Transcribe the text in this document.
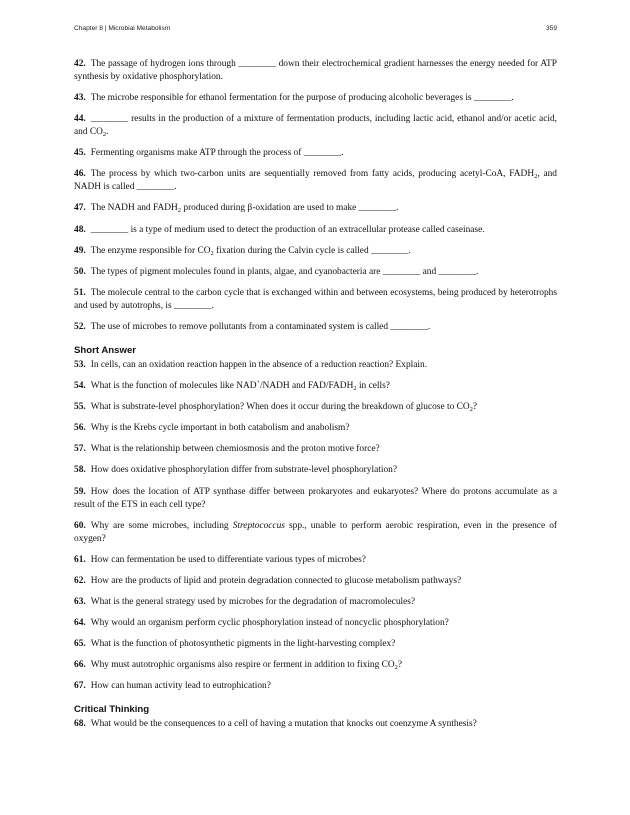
Chapter 8 | Microbial Metabolism	359

42. The passage of hydrogen ions through ________ down their electrochemical gradient harnesses the energy needed for ATP synthesis by oxidative phosphorylation.

43. The microbe responsible for ethanol fermentation for the purpose of producing alcoholic beverages is ________.

44. ________ results in the production of a mixture of fermentation products, including lactic acid, ethanol and/or acetic acid, and $CO_2$.

45. Fermenting organisms make ATP through the process of ________.

46. The process by which two-carbon units are sequentially removed from fatty acids, producing acetyl-CoA, $FADH_2$, and NADH is called ________.

47. The NADH and $FADH_2$ produced during β-oxidation are used to make ________.

48. ________ is a type of medium used to detect the production of an extracellular protease called caseinase.

49. The enzyme responsible for $CO_2$ fixation during the Calvin cycle is called ________.

50. The types of pigment molecules found in plants, algae, and cyanobacteria are ________ and ________.

51. The molecule central to the carbon cycle that is exchanged within and between ecosystems, being produced by heterotrophs and used by autotrophs, is ________.

52. The use of microbes to remove pollutants from a contaminated system is called ________.

Short Answer

53. In cells, can an oxidation reaction happen in the absence of a reduction reaction? Explain.

54. What is the function of molecules like NAD+/NADH and FAD/$FADH_2$ in cells?

55. What is substrate-level phosphorylation? When does it occur during the breakdown of glucose to $CO_2$?

56. Why is the Krebs cycle important in both catabolism and anabolism?

57. What is the relationship between chemiosmosis and the proton motive force?

58. How does oxidative phosphorylation differ from substrate-level phosphorylation?

59. How does the location of ATP synthase differ between prokaryotes and eukaryotes? Where do protons accumulate as a result of the ETS in each cell type?

60. Why are some microbes, including Streptococcus spp., unable to perform aerobic respiration, even in the presence of oxygen?

61. How can fermentation be used to differentiate various types of microbes?

62. How are the products of lipid and protein degradation connected to glucose metabolism pathways?

63. What is the general strategy used by microbes for the degradation of macromolecules?

64. Why would an organism perform cyclic phosphorylation instead of noncyclic phosphorylation?

65. What is the function of photosynthetic pigments in the light-harvesting complex?

66. Why must autotrophic organisms also respire or ferment in addition to fixing $CO_2$?

67. How can human activity lead to eutrophication?

Critical Thinking

68. What would be the consequences to a cell of having a mutation that knocks out coenzyme A synthesis?
